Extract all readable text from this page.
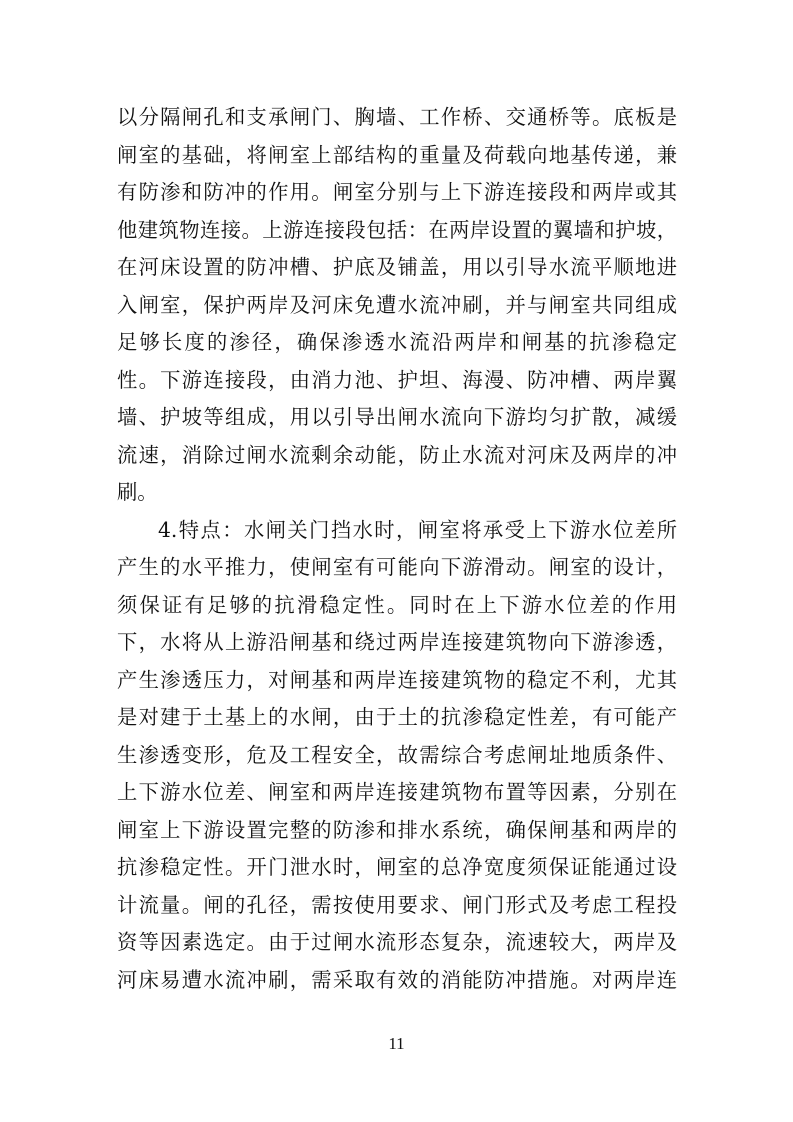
以分隔闸孔和支承闸门、胸墙、工作桥、交通桥等。底板是
闸室的基础，将闸室上部结构的重量及荷载向地基传递，兼
有防渗和防冲的作用。闸室分别与上下游连接段和两岸或其
他建筑物连接。上游连接段包括：在两岸设置的翼墙和护坡，
在河床设置的防冲槽、护底及铺盖，用以引导水流平顺地进
入闸室，保护两岸及河床免遭水流冲刷，并与闸室共同组成
足够长度的渗径，确保渗透水流沿两岸和闸基的抗渗稳定
性。下游连接段，由消力池、护坦、海漫、防冲槽、两岸翼
墙、护坡等组成，用以引导出闸水流向下游均匀扩散，减缓
流速，消除过闸水流剩余动能，防止水流对河床及两岸的冲
刷。
4.特点：水闸关门挡水时，闸室将承受上下游水位差所
产生的水平推力，使闸室有可能向下游滑动。闸室的设计，
须保证有足够的抗滑稳定性。同时在上下游水位差的作用
下，水将从上游沿闸基和绕过两岸连接建筑物向下游渗透，
产生渗透压力，对闸基和两岸连接建筑物的稳定不利，尤其
是对建于土基上的水闸，由于土的抗渗稳定性差，有可能产
生渗透变形，危及工程安全，故需综合考虑闸址地质条件、
上下游水位差、闸室和两岸连接建筑物布置等因素，分别在
闸室上下游设置完整的防渗和排水系统，确保闸基和两岸的
抗渗稳定性。开门泄水时，闸室的总净宽度须保证能通过设
计流量。闸的孔径，需按使用要求、闸门形式及考虑工程投
资等因素选定。由于过闸水流形态复杂，流速较大，两岸及
河床易遭水流冲刷，需采取有效的消能防冲措施。对两岸连
11
